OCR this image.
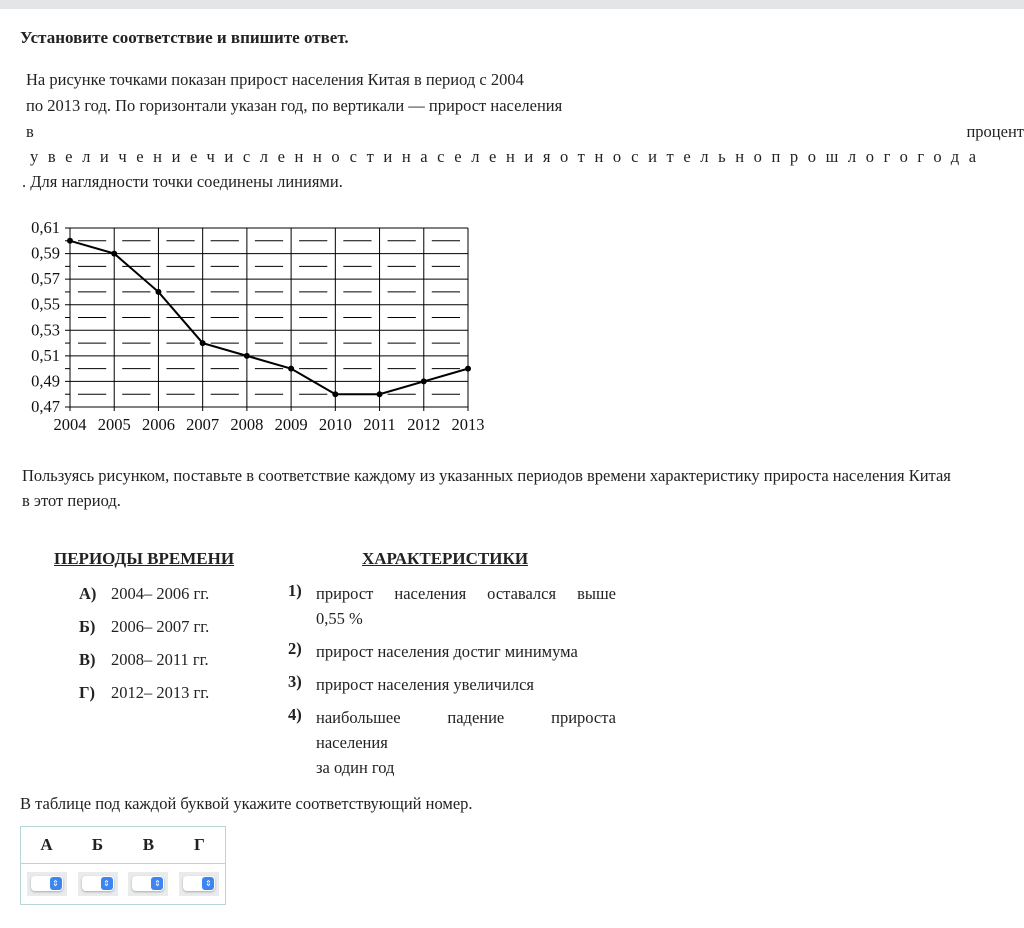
Установите соответствие и впишите ответ.
На рисунке точками показан прирост населения Китая в период с 2004
по 2013 год. По горизонтали указан год, по вертикали — прирост населения
в	процент
увеличениечисленностинаселенияотносительнопрошлогогода
. Для наглядности точки соединены линиями.
0,61
0,59
0,57
0,55
0,53
0,51
0,49
0,47
2004 2005 2006 2007 2008 2009 2010 2011 2012 2013
Пользуясь рисунком, поставьте в соответствие каждому из указанных периодов времени характеристику прироста населения Китая
в этот период.
ПЕРИОДЫ ВРЕМЕНИ	ХАРАКТЕРИСТИКИ
А) 2004– 2006 гг.
Б) 2006– 2007 гг.
В) 2008– 2011 гг.
Г) 2012– 2013 гг.
1) прирост населения оставался выше
0,55 %
2) прирост населения достиг минимума
3) прирост населения увеличился
4) наибольшее падение прироста
населения
за один год
В таблице под каждой буквой укажите соответствующий номер.
А	Б	В	Г

⇕	⇕	⇕	⇕
